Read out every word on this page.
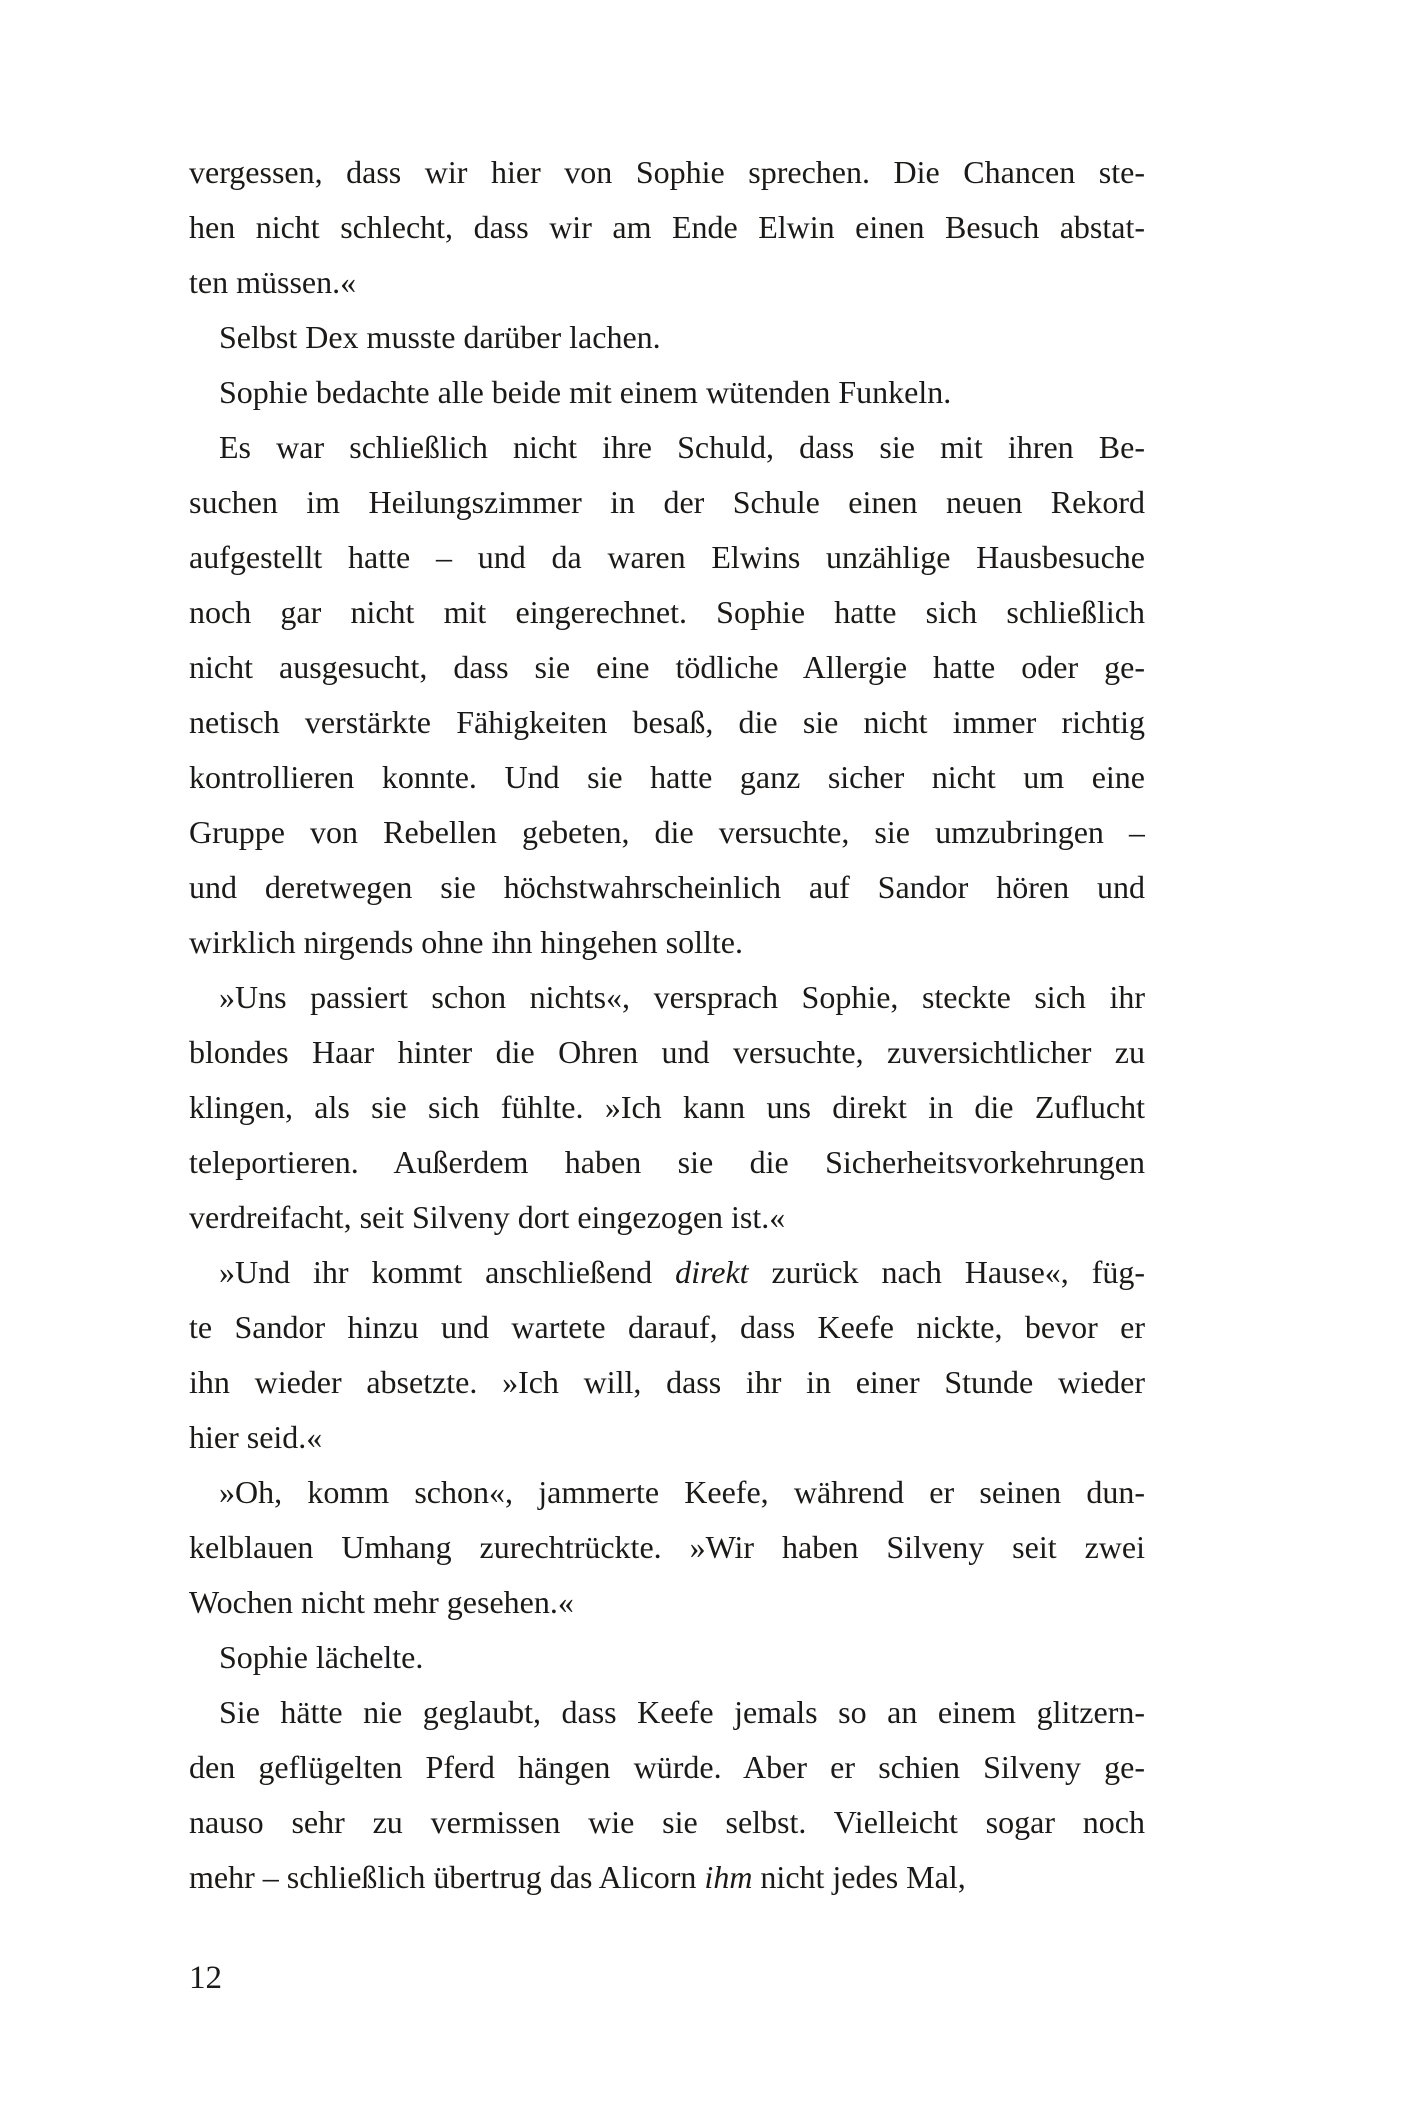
vergessen, dass wir hier von Sophie sprechen. Die Chancen ste-
hen nicht schlecht, dass wir am Ende Elwin einen Besuch abstat-
ten müssen.«
Selbst Dex musste darüber lachen.
Sophie bedachte alle beide mit einem wütenden Funkeln.
Es war schließlich nicht ihre Schuld, dass sie mit ihren Be-
suchen im Heilungszimmer in der Schule einen neuen Rekord
aufgestellt hatte – und da waren Elwins unzählige Hausbesuche
noch gar nicht mit eingerechnet. Sophie hatte sich schließlich
nicht ausgesucht, dass sie eine tödliche Allergie hatte oder ge-
netisch verstärkte Fähigkeiten besaß, die sie nicht immer richtig
kontrollieren konnte. Und sie hatte ganz sicher nicht um eine
Gruppe von Rebellen gebeten, die versuchte, sie umzubringen –
und deretwegen sie höchstwahrscheinlich auf Sandor hören und
wirklich nirgends ohne ihn hingehen sollte.
»Uns passiert schon nichts«, versprach Sophie, steckte sich ihr
blondes Haar hinter die Ohren und versuchte, zuversichtlicher zu
klingen, als sie sich fühlte. »Ich kann uns direkt in die Zuflucht
teleportieren. Außerdem haben sie die Sicherheitsvorkehrungen
verdreifacht, seit Silveny dort eingezogen ist.«
»Und ihr kommt anschließend direkt zurück nach Hause«, füg-
te Sandor hinzu und wartete darauf, dass Keefe nickte, bevor er
ihn wieder absetzte. »Ich will, dass ihr in einer Stunde wieder
hier seid.«
»Oh, komm schon«, jammerte Keefe, während er seinen dun-
kelblauen Umhang zurechtrückte. »Wir haben Silveny seit zwei
Wochen nicht mehr gesehen.«
Sophie lächelte.
Sie hätte nie geglaubt, dass Keefe jemals so an einem glitzern-
den geflügelten Pferd hängen würde. Aber er schien Silveny ge-
nauso sehr zu vermissen wie sie selbst. Vielleicht sogar noch
mehr – schließlich übertrug das Alicorn ihm nicht jedes Mal,
12
